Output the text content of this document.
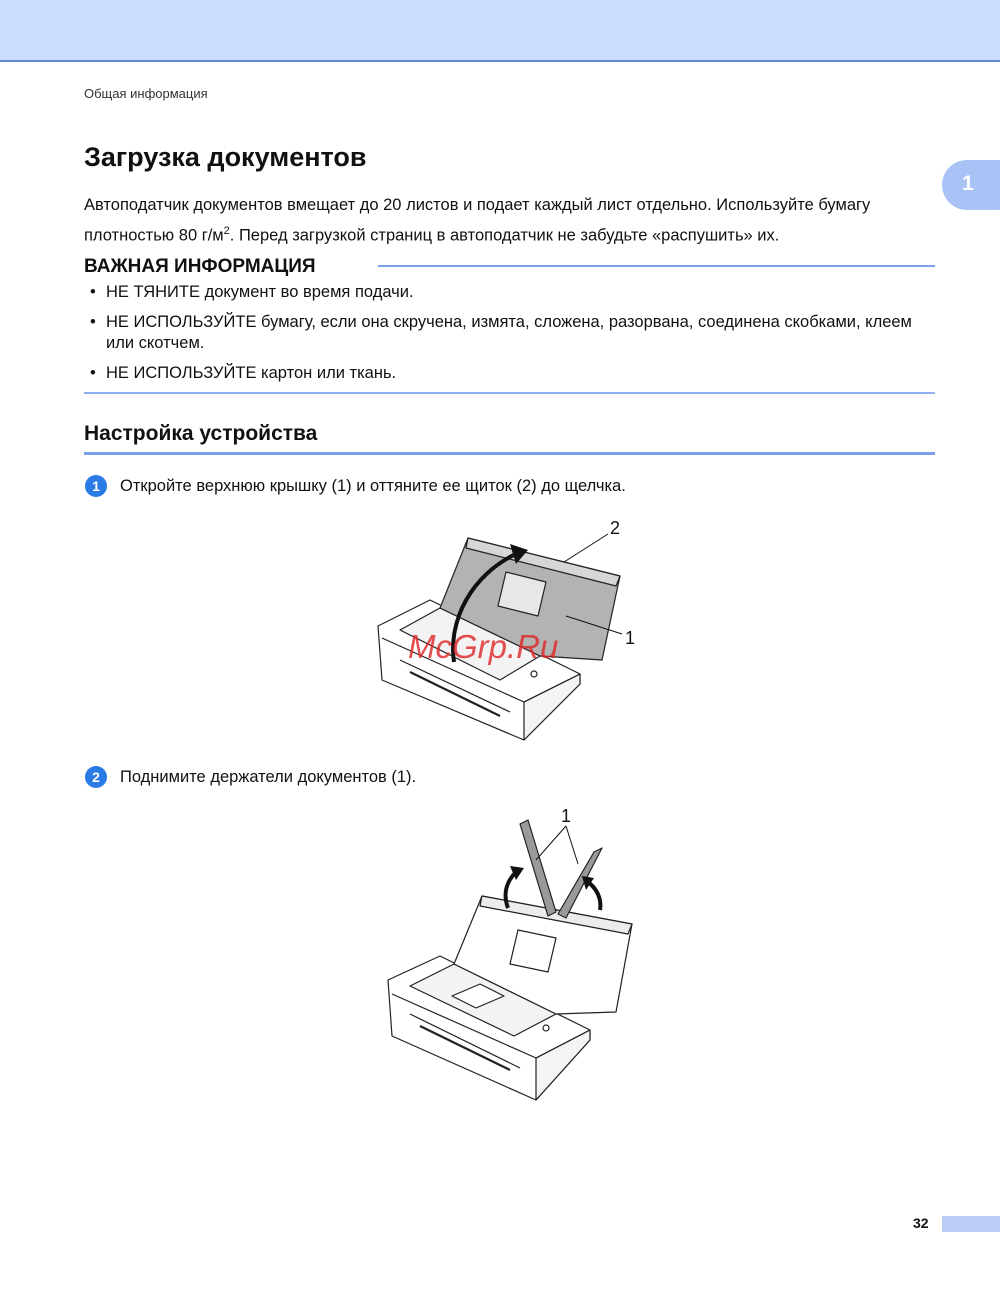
Общая информация
1
Загрузка документов

Автоподатчик документов вмещает до 20 листов и подает каждый лист отдельно. Используйте бумагу плотностью 80 $г/м^2$. Перед загрузкой страниц в автоподатчик не забудьте «распушить» их.

ВАЖНАЯ ИНФОРМАЦИЯ
• НЕ ТЯНИТЕ документ во время подачи.
• НЕ ИСПОЛЬЗУЙТЕ бумагу, если она скручена, измята, сложена, разорвана, соединена скобками, клеем или скотчем.
• НЕ ИСПОЛЬЗУЙТЕ картон или ткань.
Настройка устройства
1	Откройте верхнюю крышку (1) и оттяните ее щиток (2) до щелчка.
2
1
McGrp.Ru
2	Поднимите держатели документов (1).
1
32
